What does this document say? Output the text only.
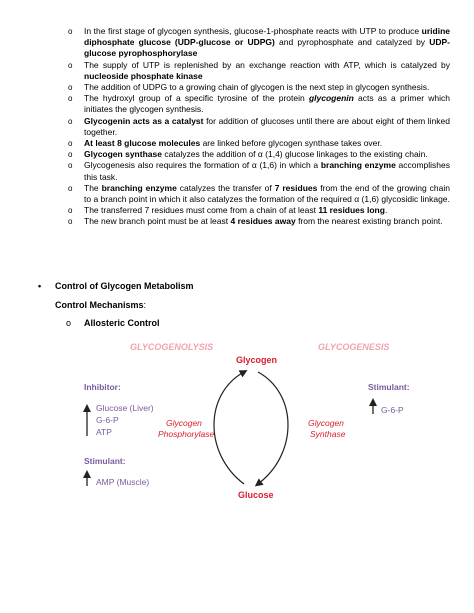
o In the first stage of glycogen synthesis, glucose-1-phosphate reacts with UTP to produce uridine diphosphate glucose (UDP-glucose or UDPG) and pyrophosphate and catalyzed by UDP-glucose pyrophosphorylase
o The supply of UTP is replenished by an exchange reaction with ATP, which is catalyzed by nucleoside phosphate kinase
o The addition of UDPG to a growing chain of glycogen is the next step in glycogen synthesis.
o The hydroxyl group of a specific tyrosine of the protein glycogenin acts as a primer which initiates the glycogen synthesis.
o Glycogenin acts as a catalyst for addition of glucoses until there are about eight of them linked together.
o At least 8 glucose molecules are linked before glycogen synthase takes over.
o Glycogen synthase catalyzes the addition of α (1,4) glucose linkages to the existing chain.
o Glycogenesis also requires the formation of α (1,6) in which a branching enzyme accomplishes this task.
o The branching enzyme catalyzes the transfer of 7 residues from the end of the growing chain to a branch point in which it also catalyzes the formation of the required α (1,6) glycosidic linkage.
o The transferred 7 residues must come from a chain of at least 11 residues long.
o The new branch point must be at least 4 residues away from the nearest existing branch point.
• Control of Glycogen Metabolism
Control Mechanisms:
o Allosteric Control
GLYCOGENOLYSIS	GLYCOGENESIS
Glycogen
Glucose
Glycogen
Phosphorylase
Glycogen
Synthase
Inhibitor:
Glucose (Liver)
G-6-P
ATP
Stimulant:
AMP (Muscle)
Stimulant:
G-6-P
